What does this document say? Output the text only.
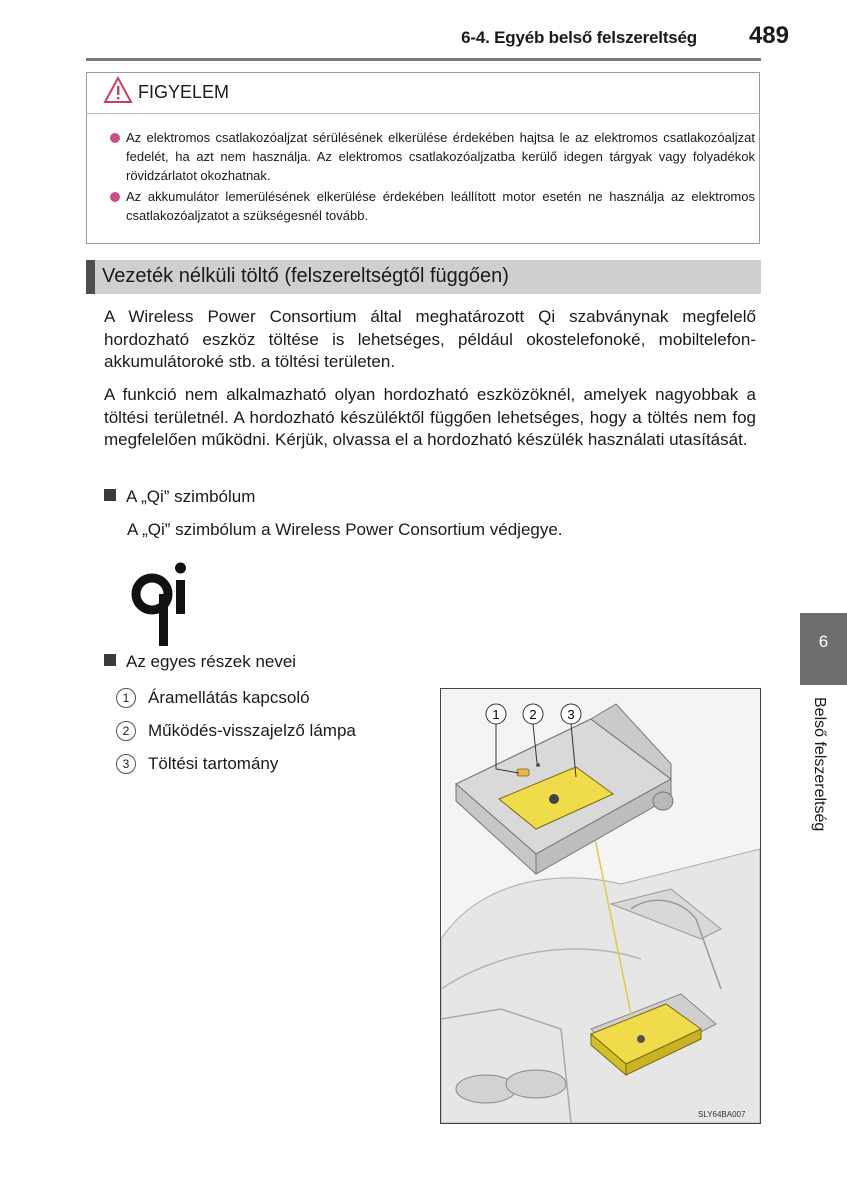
6-4. Egyéb belső felszereltség 489
FIGYELEM
Az elektromos csatlakozóaljzat sérülésének elkerülése érdekében hajtsa le az elektromos csatlakozóaljzat fedelét, ha azt nem használja. Az elektromos csatlakozóaljzatba kerülő idegen tárgyak vagy folyadékok rövidzárlatot okozhatnak.
Az akkumulátor lemerülésének elkerülése érdekében leállított motor esetén ne használja az elektromos csatlakozóaljzatot a szükségesnél tovább.
Vezeték nélküli töltő (felszereltségtől függően)
A Wireless Power Consortium által meghatározott Qi szabványnak megfelelő hordozható eszköz töltése is lehetséges, például okostelefonoké, mobiltelefon-akkumulátoroké stb. a töltési területen.
A funkció nem alkalmazható olyan hordozható eszközöknél, amelyek nagyobbak a töltési területnél. A hordozható készüléktől függően lehetséges, hogy a töltés nem fog megfelelően működni. Kérjük, olvassa el a hordozható készülék használati utasítását.
A „Qi” szimbólum
A „Qi” szimbólum a Wireless Power Consortium védjegye.
Az egyes részek nevei
1 Áramellátás kapcsoló
2 Működés-visszajelző lámpa
3 Töltési tartomány
1 2 3
SLY64BA007
6
Belső felszereltség
